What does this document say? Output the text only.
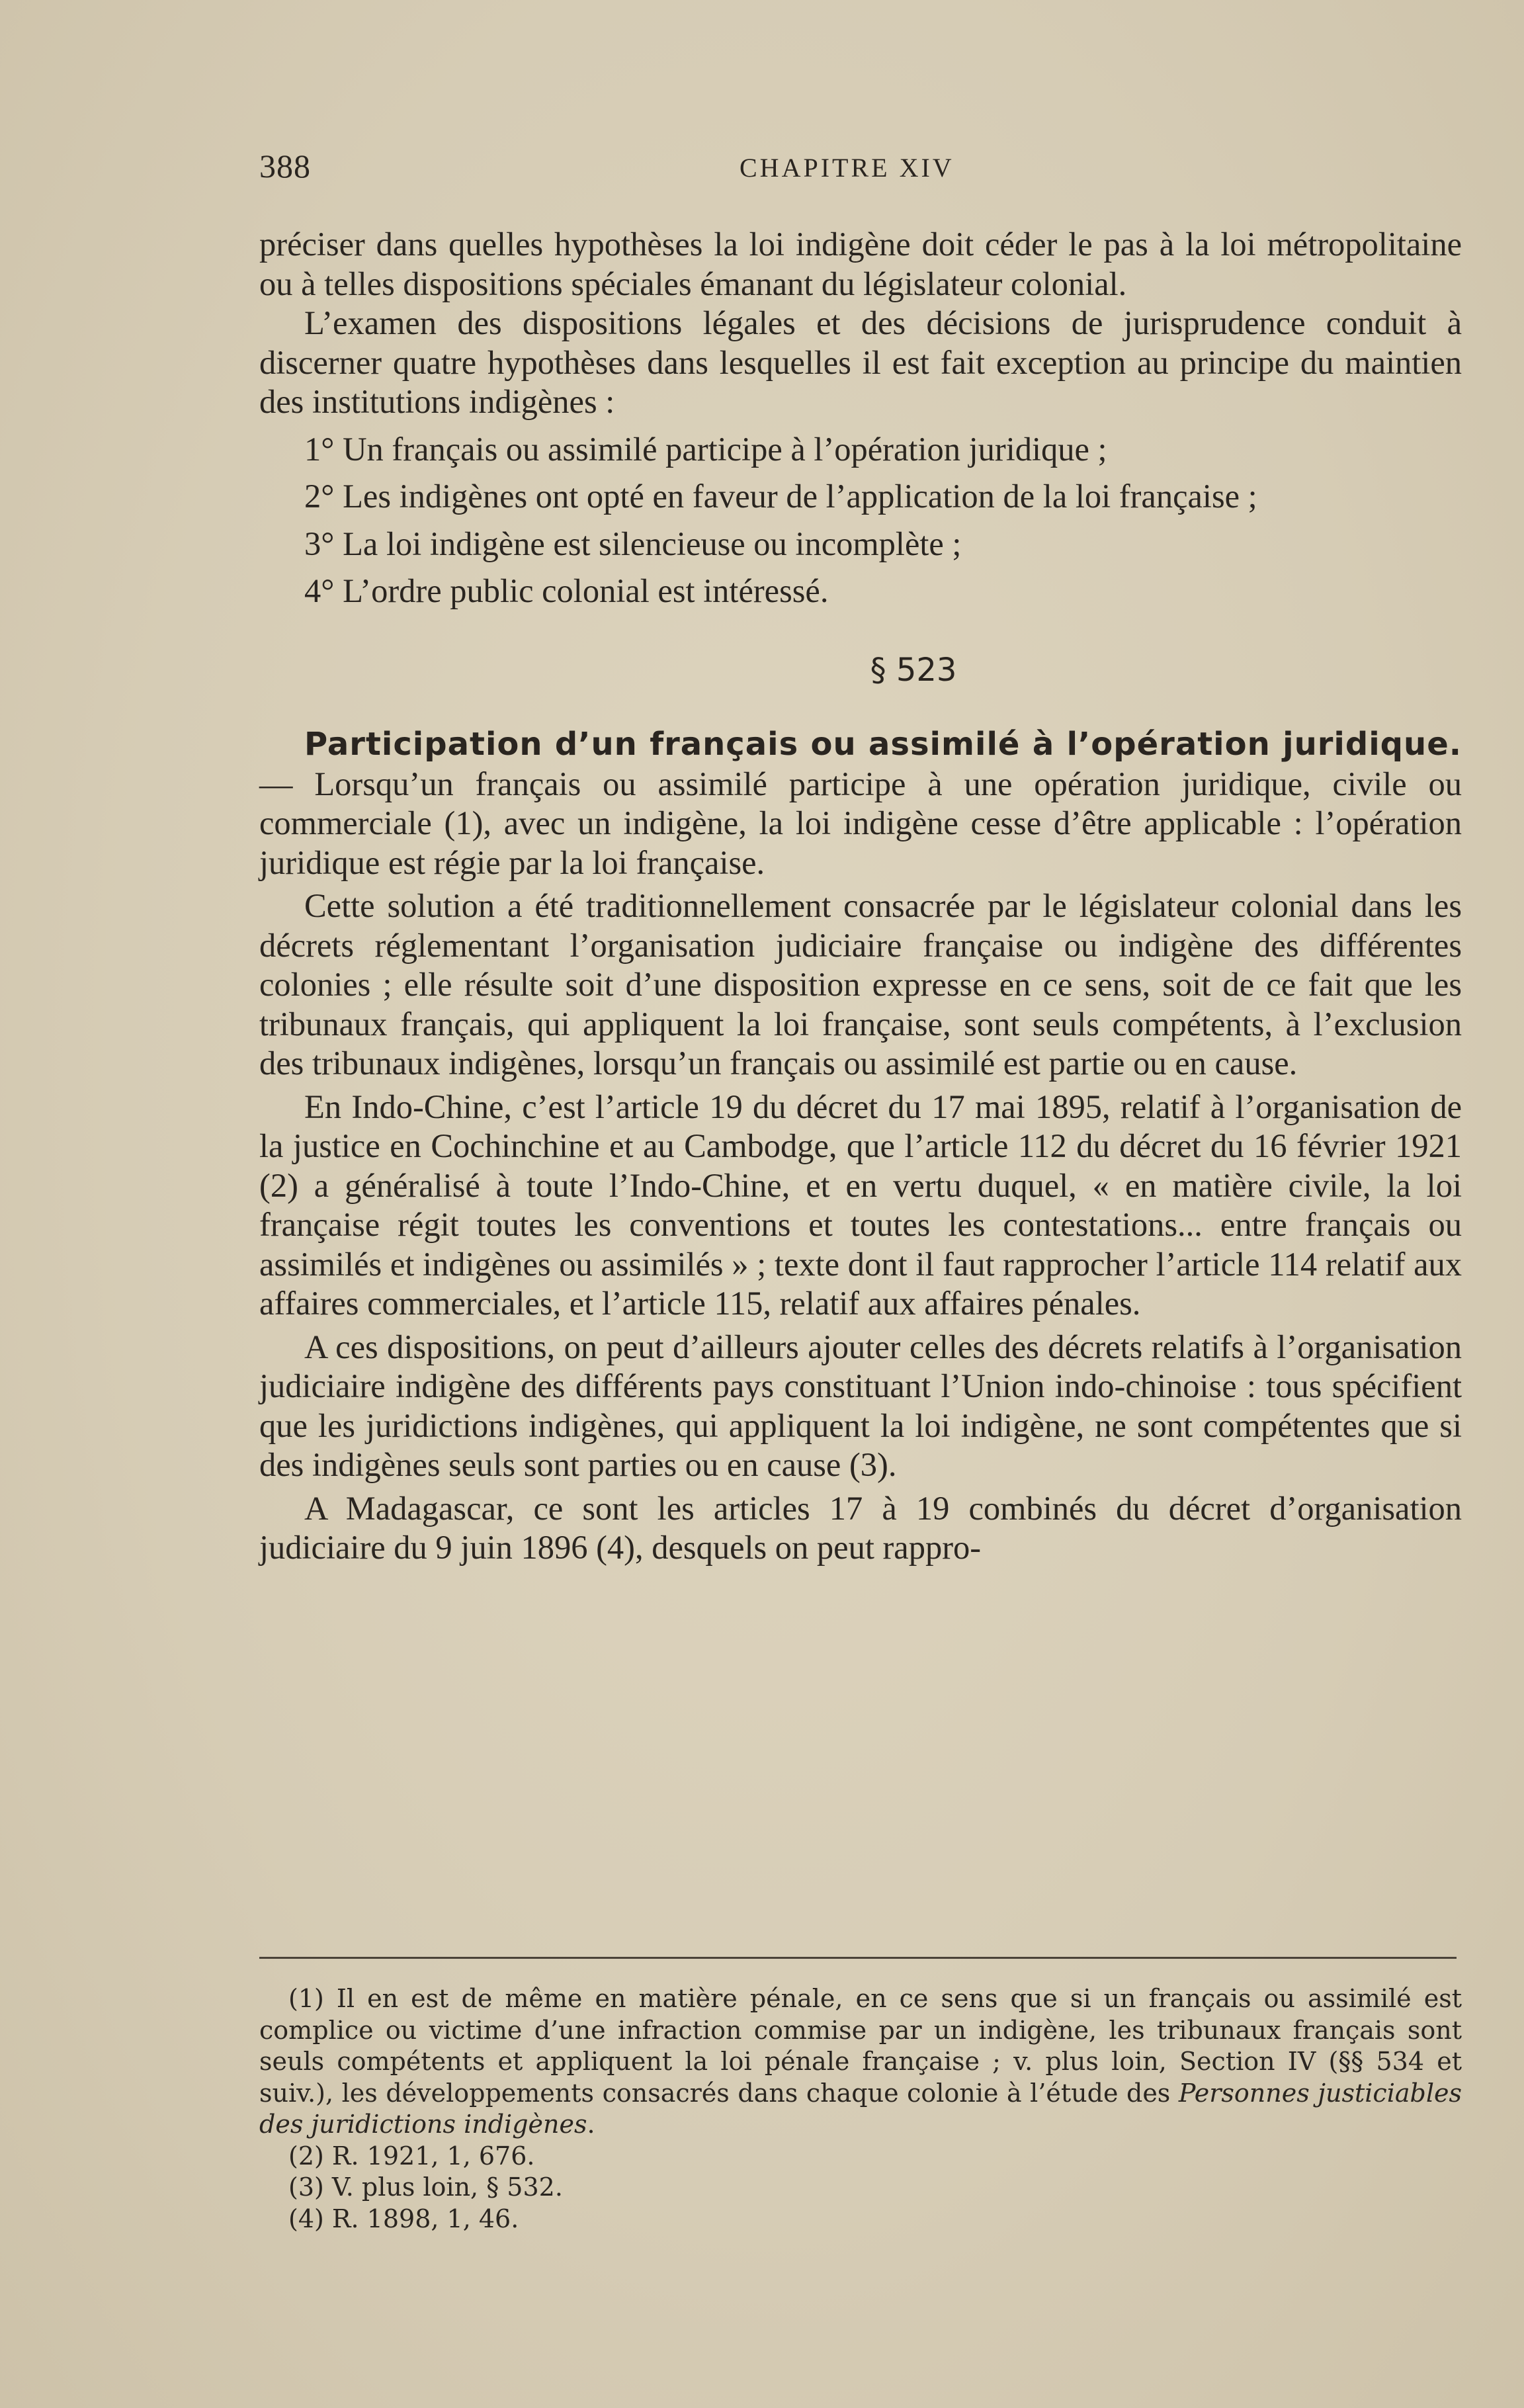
388	CHAPITRE XIV

préciser dans quelles hypothèses la loi indigène doit céder le pas à la loi métropolitaine ou à telles dispositions spéciales émanant du législateur colonial.

L’examen des dispositions légales et des décisions de jurisprudence conduit à discerner quatre hypothèses dans lesquelles il est fait exception au principe du maintien des institutions indigènes :

1° Un français ou assimilé participe à l’opération juridique ;

2° Les indigènes ont opté en faveur de l’application de la loi française ;

3° La loi indigène est silencieuse ou incomplète ;

4° L’ordre public colonial est intéressé.

§ 523

Participation d’un français ou assimilé à l’opération juridique. — Lorsqu’un français ou assimilé participe à une opération juridique, civile ou commerciale (1), avec un indigène, la loi indigène cesse d’être applicable : l’opération juridique est régie par la loi française.

Cette solution a été traditionnellement consacrée par le législateur colonial dans les décrets réglementant l’organisation judiciaire française ou indigène des différentes colonies ; elle résulte soit d’une disposition expresse en ce sens, soit de ce fait que les tribunaux français, qui appliquent la loi française, sont seuls compétents, à l’exclusion des tribunaux indigènes, lorsqu’un français ou assimilé est partie ou en cause.

En Indo-Chine, c’est l’article 19 du décret du 17 mai 1895, relatif à l’organisation de la justice en Cochinchine et au Cambodge, que l’article 112 du décret du 16 février 1921 (2) a généralisé à toute l’Indo-Chine, et en vertu duquel, « en matière civile, la loi française régit toutes les conventions et toutes les contestations... entre français ou assimilés et indigènes ou assimilés » ; texte dont il faut rapprocher l’article 114 relatif aux affaires commerciales, et l’article 115, relatif aux affaires pénales.

A ces dispositions, on peut d’ailleurs ajouter celles des décrets relatifs à l’organisation judiciaire indigène des différents pays constituant l’Union indo-chinoise : tous spécifient que les juridictions indigènes, qui appliquent la loi indigène, ne sont compétentes que si des indigènes seuls sont parties ou en cause (3).

A Madagascar, ce sont les articles 17 à 19 combinés du décret d’organisation judiciaire du 9 juin 1896 (4), desquels on peut rappro-

(1) Il en est de même en matière pénale, en ce sens que si un français ou assimilé est complice ou victime d’une infraction commise par un indigène, les tribunaux français sont seuls compétents et appliquent la loi pénale française ; v. plus loin, Section IV (§§ 534 et suiv.), les développements consacrés dans chaque colonie à l’étude des Personnes justiciables des juridictions indigènes.

(2) R. 1921, 1, 676.

(3) V. plus loin, § 532.

(4) R. 1898, 1, 46.
